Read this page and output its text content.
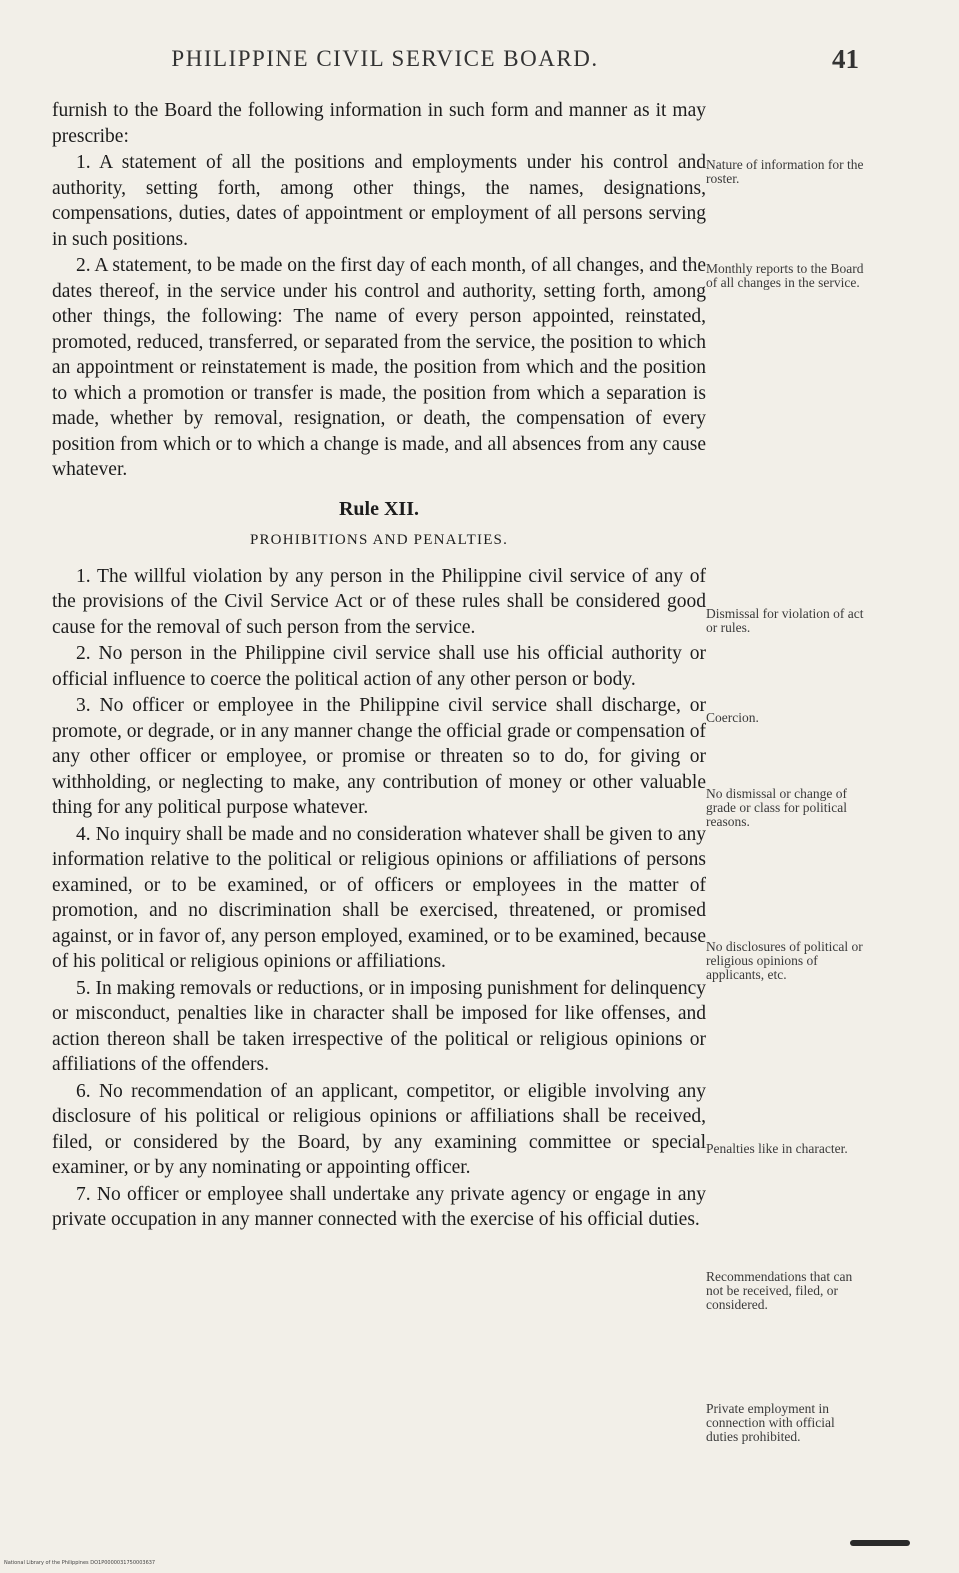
PHILIPPINE CIVIL SERVICE BOARD.	41

furnish to the Board the following information in such form and manner as it may prescribe:

1. A statement of all the positions and employments under his control and authority, setting forth, among other things, the names, designations, compensations, duties, dates of appointment or employment of all persons serving in such positions.

2. A statement, to be made on the first day of each month, of all changes, and the dates thereof, in the service under his control and authority, setting forth, among other things, the following: The name of every person appointed, reinstated, promoted, reduced, transferred, or separated from the service, the position to which an appointment or reinstatement is made, the position from which and the position to which a promotion or transfer is made, the position from which a separation is made, whether by removal, resignation, or death, the compensation of every position from which or to which a change is made, and all absences from any cause whatever.

Rule XII.
PROHIBITIONS AND PENALTIES.

1. The willful violation by any person in the Philippine civil service of any of the provisions of the Civil Service Act or of these rules shall be considered good cause for the removal of such person from the service.

2. No person in the Philippine civil service shall use his official authority or official influence to coerce the political action of any other person or body.

3. No officer or employee in the Philippine civil service shall discharge, or promote, or degrade, or in any manner change the official grade or compensation of any other officer or employee, or promise or threaten so to do, for giving or withholding, or neglecting to make, any contribution of money or other valuable thing for any political purpose whatever.

4. No inquiry shall be made and no consideration whatever shall be given to any information relative to the political or religious opinions or affiliations of persons examined, or to be examined, or of officers or employees in the matter of promotion, and no discrimination shall be exercised, threatened, or promised against, or in favor of, any person employed, examined, or to be examined, because of his political or religious opinions or affiliations.

5. In making removals or reductions, or in imposing punishment for delinquency or misconduct, penalties like in character shall be imposed for like offenses, and action thereon shall be taken irrespective of the political or religious opinions or affiliations of the offenders.

6. No recommendation of an applicant, competitor, or eligible involving any disclosure of his political or religious opinions or affiliations shall be received, filed, or considered by the Board, by any examining committee or special examiner, or by any nominating or appointing officer.

7. No officer or employee shall undertake any private agency or engage in any private occupation in any manner connected with the exercise of his official duties.

Nature of information for the roster.
Monthly reports to the Board of all changes in the service.
Dismissal for violation of act or rules.
Coercion.
No dismissal or change of grade or class for political reasons.
No disclosures of political or religious opinions of applicants, etc.
Penalties like in character.
Recommendations that can not be received, filed, or considered.
Private employment in connection with official duties prohibited.
National Library of the Philippines DO1P0000031750003637
